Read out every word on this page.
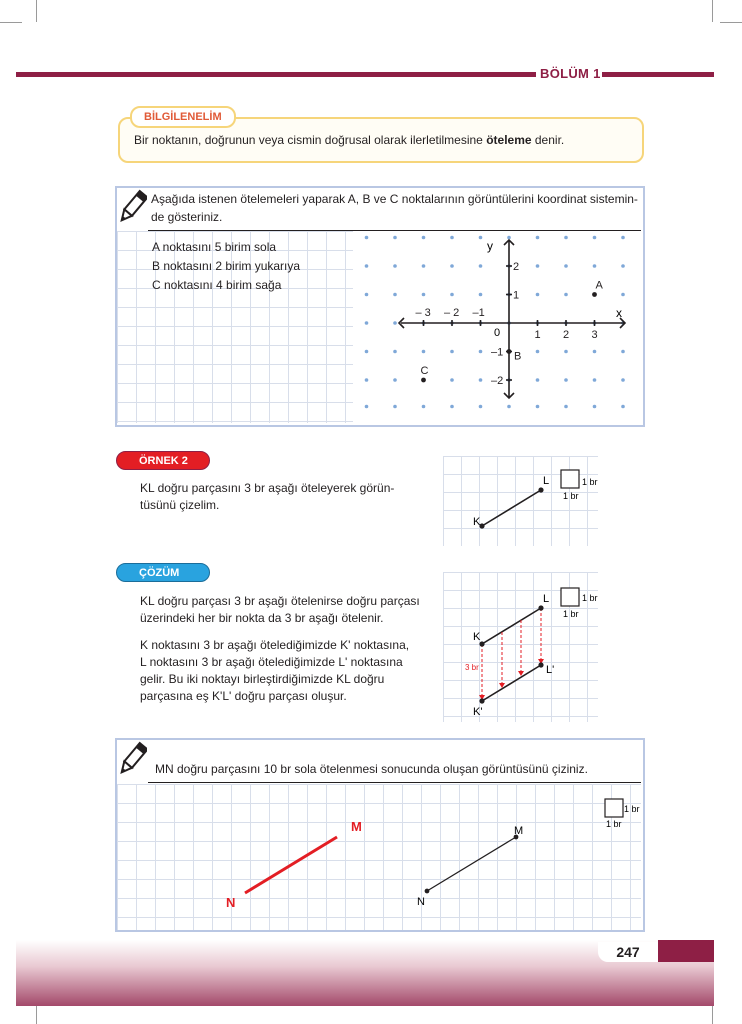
BÖLÜM 1
BİLGİLENELİM
Bir noktanın, doğrunun veya cismin doğrusal olarak ilerletilmesine öteleme denir.
Aşağıda istenen ötelemeleri yaparak A, B ve C noktalarının görüntülerini koordinat sistemin-
de gösteriniz.
A noktasını 5 birim sola
B noktasını 2 birim yukarıya
C noktasını 4 birim sağa
– 3 – 2 –1
1 2 3
2
1
–1
–2
x
y
0
A
B
C
ÖRNEK 2
KL doğru parçasını 3 br aşağı öteleyerek görün-
tüsünü çizelim.
K
L	1 br
1 br
ÇÖZÜM
KL doğru parçası 3 br aşağı ötelenirse doğru parçası
üzerindeki her bir nokta da 3 br aşağı ötelenir.
K noktasını 3 br aşağı ötelediğimizde K' noktasına,
L noktasını 3 br aşağı ötelediğimizde L' noktasına
gelir. Bu iki noktayı birleştirdiğimizde KL doğru
parçasına eş K'L' doğru parçası oluşur.
K
L
K'
L'
3 br
1 br
1 br
MN doğru parçasını 10 br sola ötelenmesi sonucunda oluşan görüntüsünü çiziniz.
M
N
M
N
1 br
1 br
247
